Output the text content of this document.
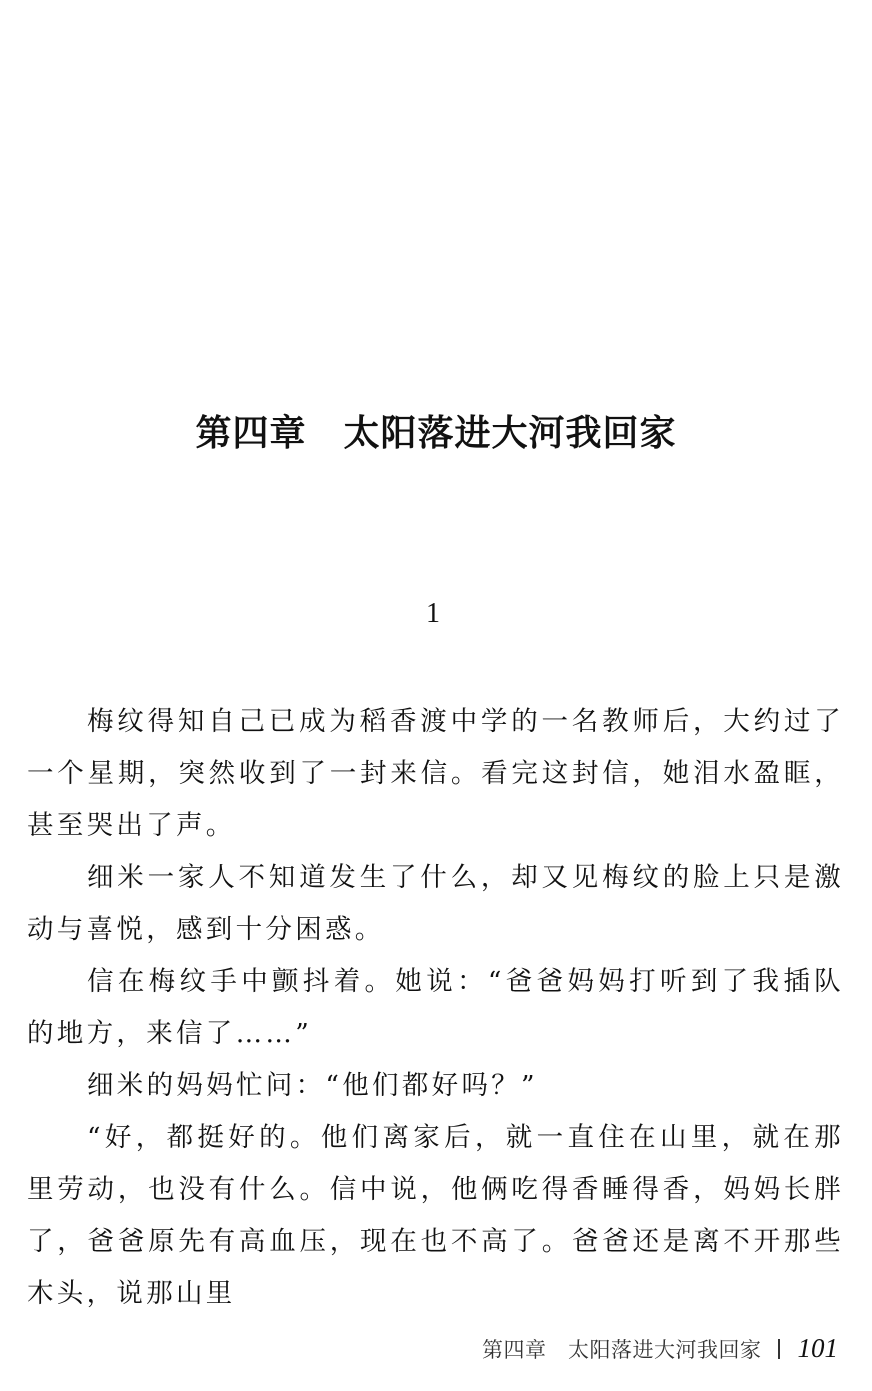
第四章　太阳落进大河我回家
1

梅纹得知自己已成为稻香渡中学的一名教师后，大约过了一个星期，突然收到了一封来信。看完这封信，她泪水盈眶，甚至哭出了声。

细米一家人不知道发生了什么，却又见梅纹的脸上只是激动与喜悦，感到十分困惑。

信在梅纹手中颤抖着。她说：“爸爸妈妈打听到了我插队的地方，来信了……”

细米的妈妈忙问：“他们都好吗？”

“好，都挺好的。他们离家后，就一直住在山里，就在那里劳动，也没有什么。信中说，他俩吃得香睡得香，妈妈长胖了，爸爸原先有高血压，现在也不高了。爸爸还是离不开那些木头，说那山里

第四章　太阳落进大河我回家 101
